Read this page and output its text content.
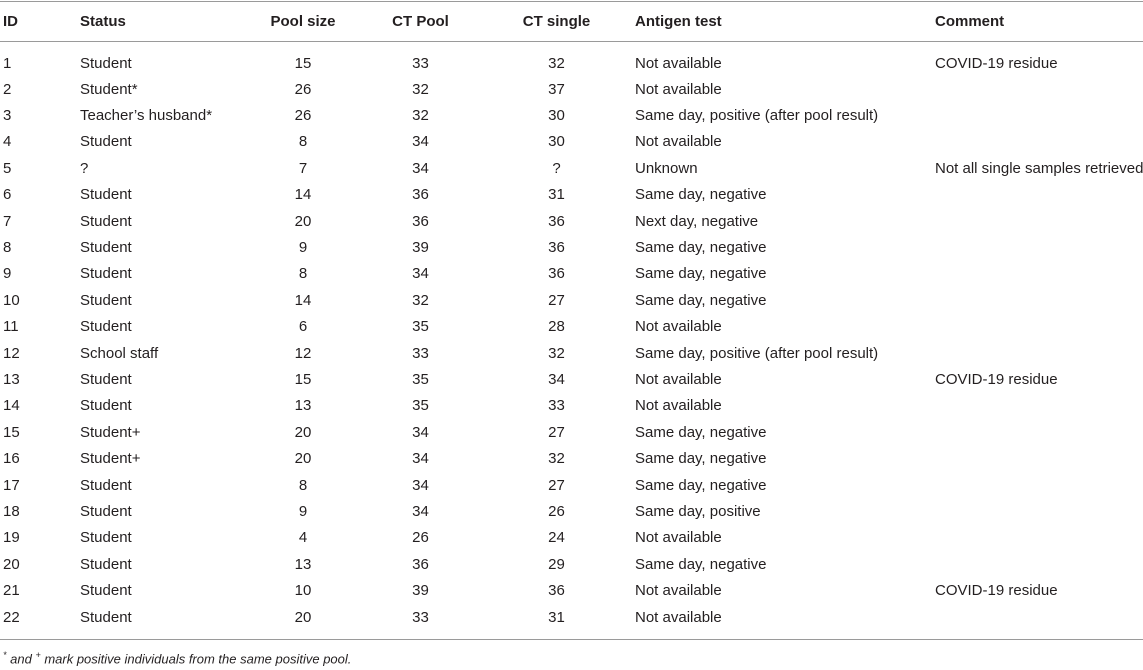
ID	Status	Pool size	CT Pool	CT single	Antigen test	Comment
1	Student	15	33	32	Not available	COVID-19 residue
2	Student*	26	32	37	Not available	
3	Teacher’s husband*	26	32	30	Same day, positive (after pool result)	
4	Student	8	34	30	Not available	
5	?	7	34	?	Unknown	Not all single samples retrieved
6	Student	14	36	31	Same day, negative	
7	Student	20	36	36	Next day, negative	
8	Student	9	39	36	Same day, negative	
9	Student	8	34	36	Same day, negative	
10	Student	14	32	27	Same day, negative	
11	Student	6	35	28	Not available	
12	School staff	12	33	32	Same day, positive (after pool result)	
13	Student	15	35	34	Not available	COVID-19 residue
14	Student	13	35	33	Not available	
15	Student+	20	34	27	Same day, negative	
16	Student+	20	34	32	Same day, negative	
17	Student	8	34	27	Same day, negative	
18	Student	9	34	26	Same day, positive	
19	Student	4	26	24	Not available	
20	Student	13	36	29	Same day, negative	
21	Student	10	39	36	Not available	COVID-19 residue
22	Student	20	33	31	Not available	
* and + mark positive individuals from the same positive pool.
